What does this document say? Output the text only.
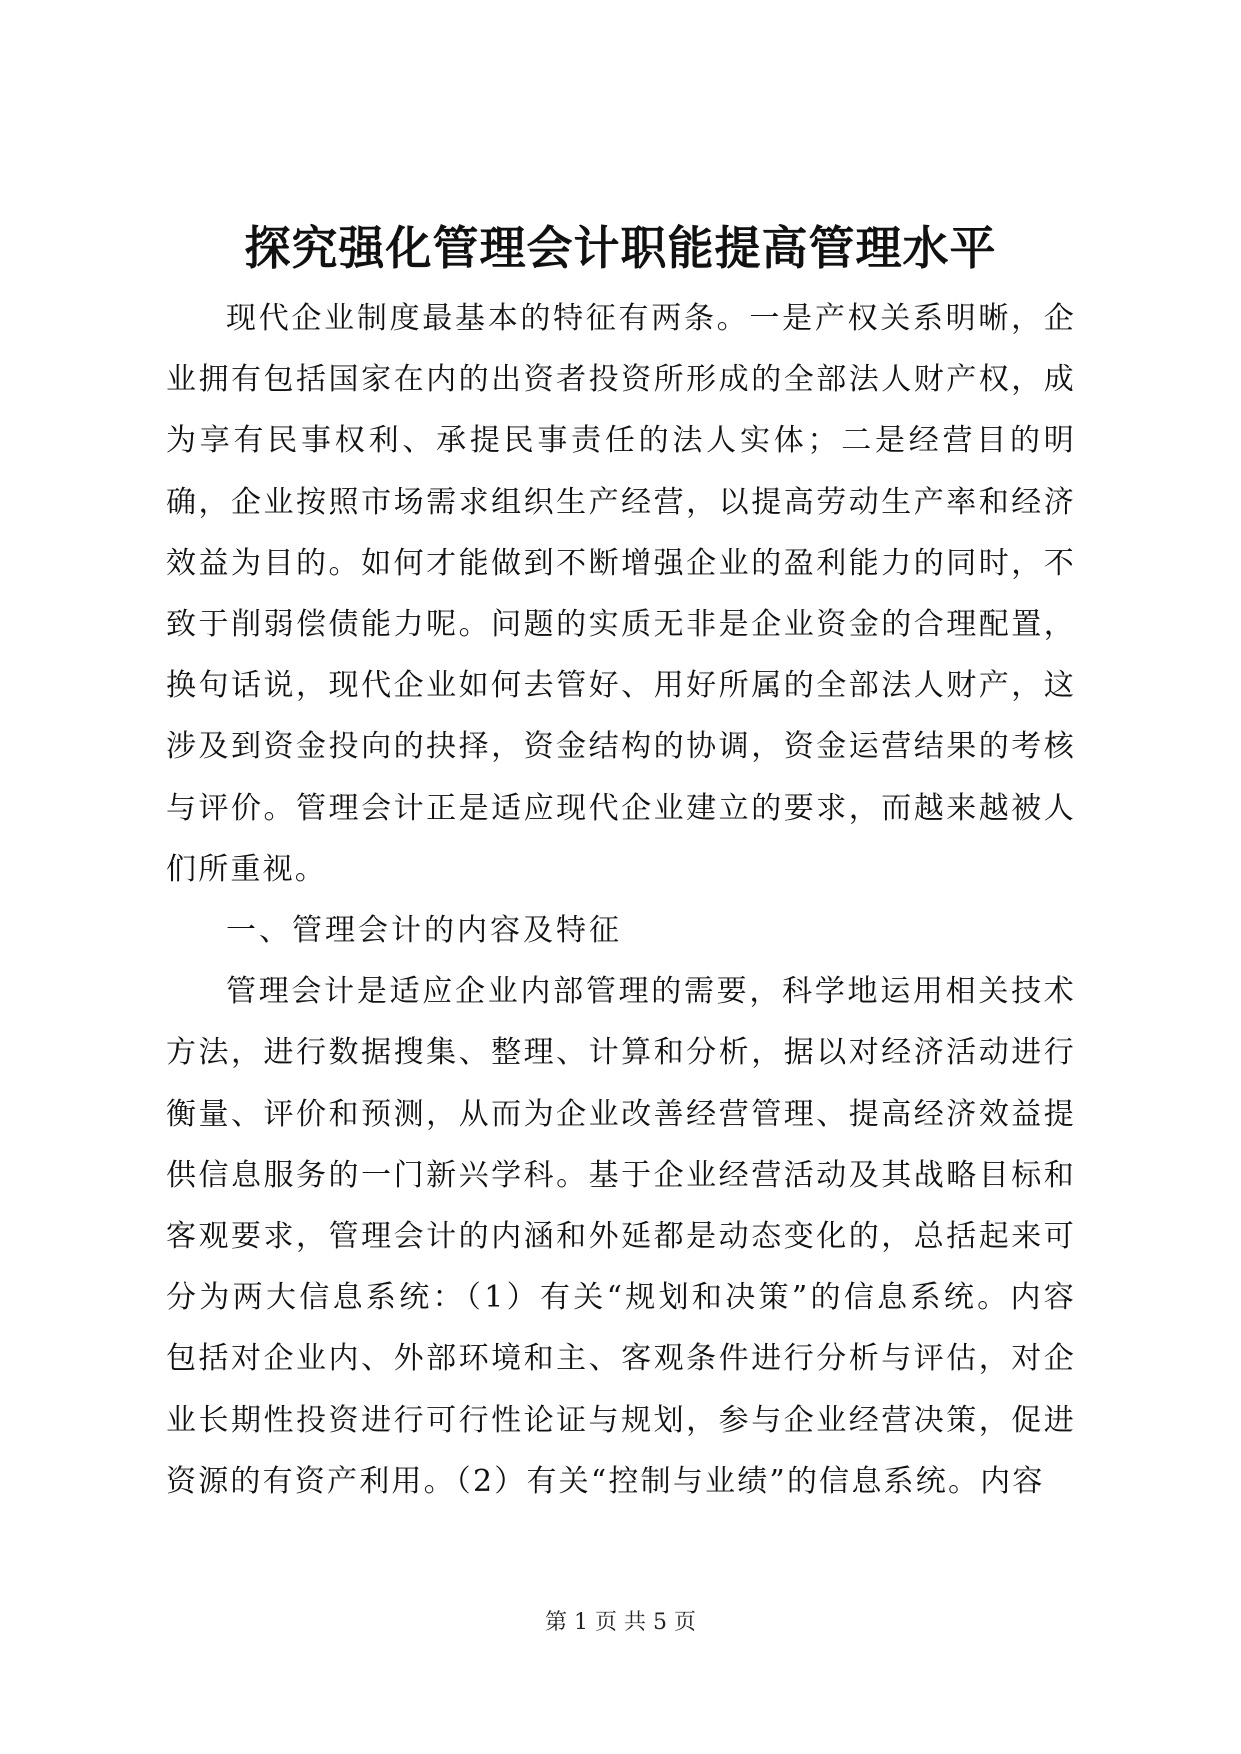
探究强化管理会计职能提高管理水平

现代企业制度最基本的特征有两条。一是产权关系明晰，企业拥有包括国家在内的出资者投资所形成的全部法人财产权，成为享有民事权利、承提民事责任的法人实体；二是经营目的明确，企业按照市场需求组织生产经营，以提高劳动生产率和经济效益为目的。如何才能做到不断增强企业的盈利能力的同时，不致于削弱偿债能力呢。问题的实质无非是企业资金的合理配置，换句话说，现代企业如何去管好、用好所属的全部法人财产，这涉及到资金投向的抉择，资金结构的协调，资金运营结果的考核与评价。管理会计正是适应现代企业建立的要求，而越来越被人们所重视。

一、管理会计的内容及特征

管理会计是适应企业内部管理的需要，科学地运用相关技术方法，进行数据搜集、整理、计算和分析，据以对经济活动进行衡量、评价和预测，从而为企业改善经营管理、提高经济效益提供信息服务的一门新兴学科。基于企业经营活动及其战略目标和客观要求，管理会计的内涵和外延都是动态变化的，总括起来可分为两大信息系统：（1）有关“规划和决策”的信息系统。内容包括对企业内、外部环境和主、客观条件进行分析与评估，对企业长期性投资进行可行性论证与规划，参与企业经营决策，促进资源的有资产利用。（2）有关“控制与业绩”的信息系统。内容

第 1 页 共 5 页
